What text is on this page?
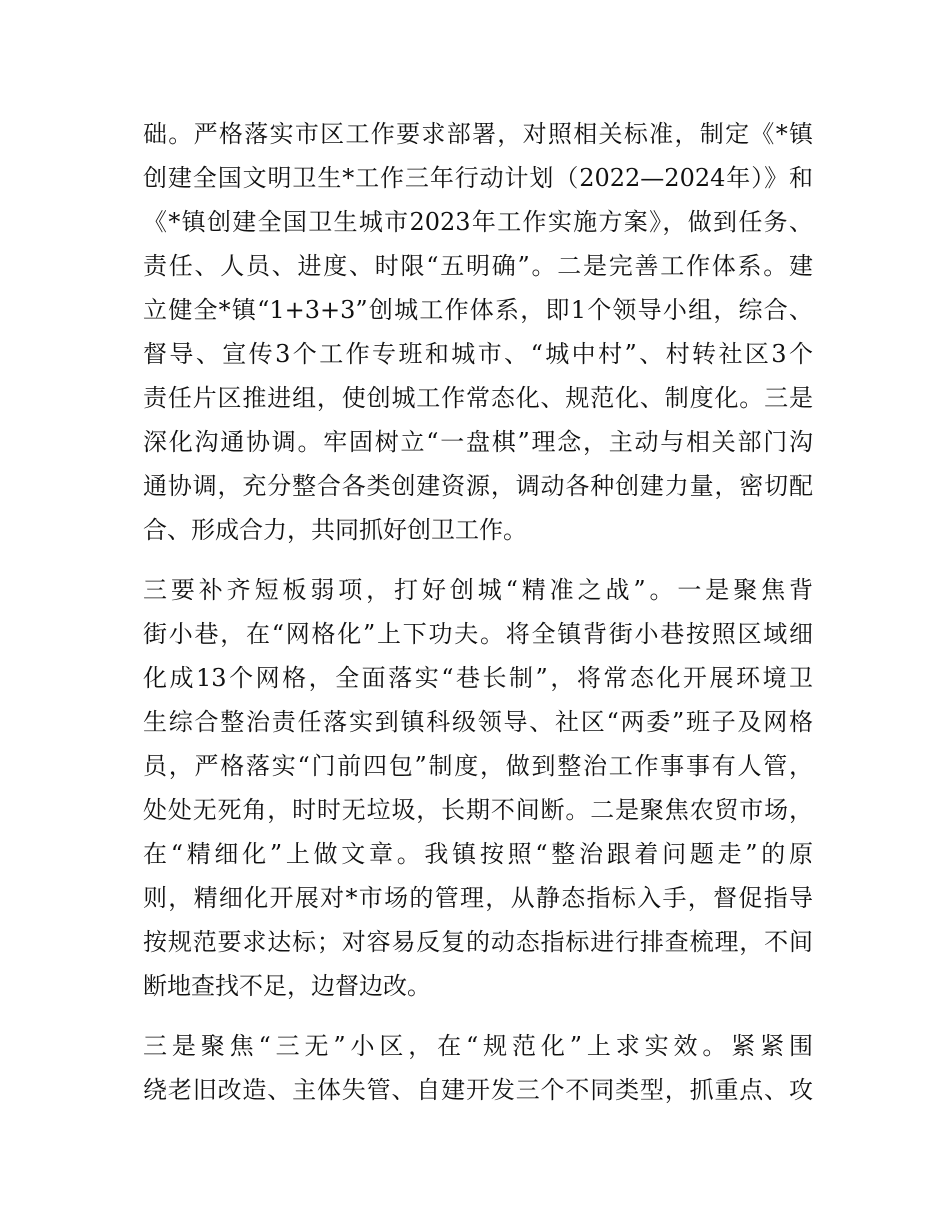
础。严格落实市区工作要求部署，对照相关标准，制定《*镇
创建全国文明卫生*工作三年行动计划（2022—2024年）》和
《*镇创建全国卫生城市2023年工作实施方案》，做到任务、
责任、人员、进度、时限“五明确”。二是完善工作体系。建
立健全*镇“1+3+3”创城工作体系，即1个领导小组，综合、
督导、宣传3个工作专班和城市、“城中村”、村转社区3个
责任片区推进组，使创城工作常态化、规范化、制度化。三是
深化沟通协调。牢固树立“一盘棋”理念，主动与相关部门沟
通协调，充分整合各类创建资源，调动各种创建力量，密切配
合、形成合力，共同抓好创卫工作。
三要补齐短板弱项，打好创城“精准之战”。一是聚焦背
街小巷，在“网格化”上下功夫。将全镇背街小巷按照区域细
化成13个网格，全面落实“巷长制”，将常态化开展环境卫
生综合整治责任落实到镇科级领导、社区“两委”班子及网格
员，严格落实“门前四包”制度，做到整治工作事事有人管，
处处无死角，时时无垃圾，长期不间断。二是聚焦农贸市场，
在“精细化”上做文章。我镇按照“整治跟着问题走”的原
则，精细化开展对*市场的管理，从静态指标入手，督促指导
按规范要求达标；对容易反复的动态指标进行排查梳理，不间
断地查找不足，边督边改。
三是聚焦“三无”小区，在“规范化”上求实效。紧紧围
绕老旧改造、主体失管、自建开发三个不同类型，抓重点、攻
